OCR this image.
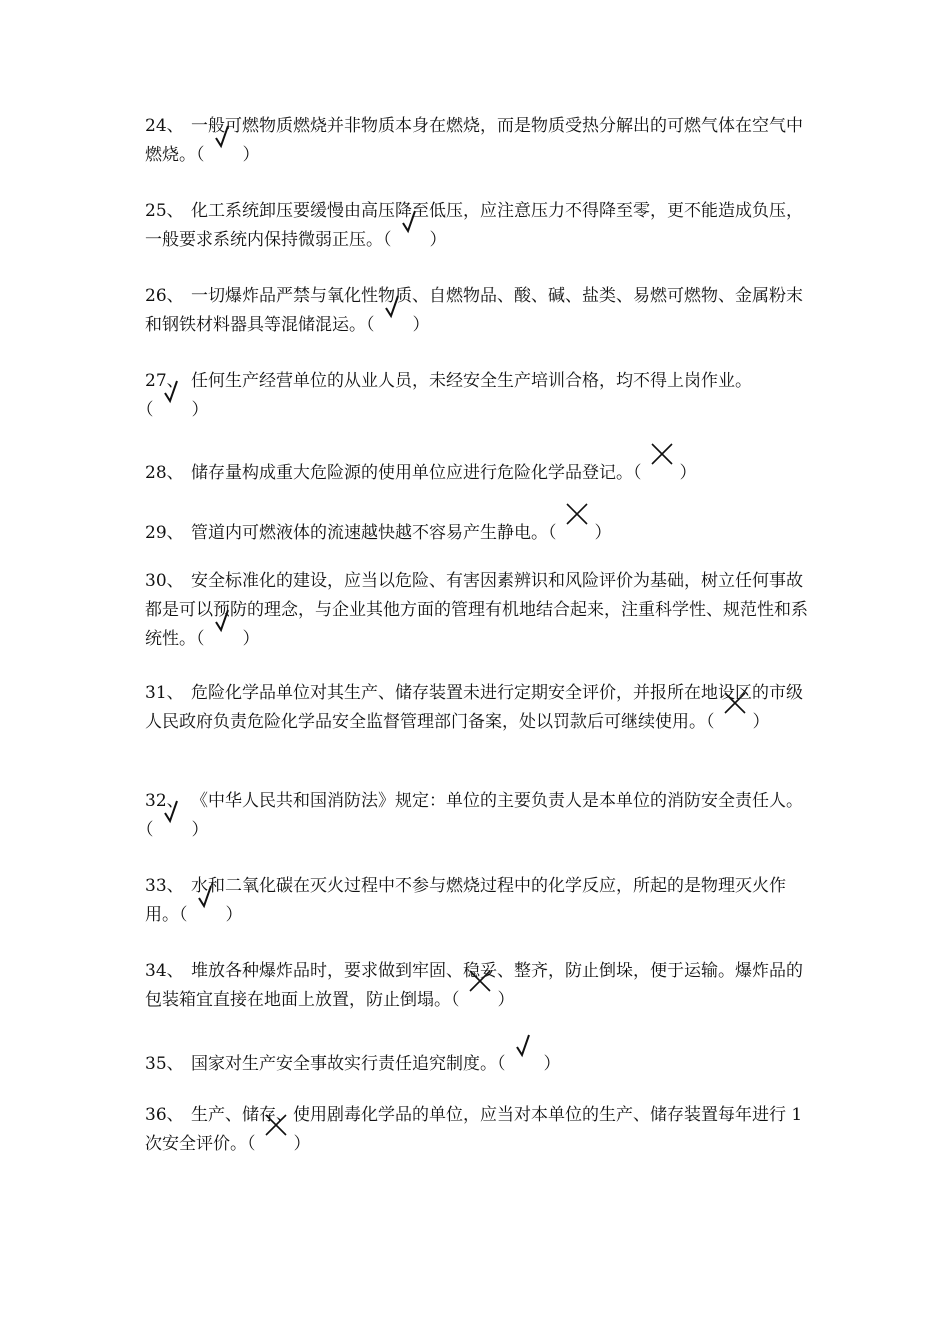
24、 一般可燃物质燃烧并非物质本身在燃烧，而是物质受热分解出的可燃气体在空气中燃烧。（ ）
25、 化工系统卸压要缓慢由高压降至低压，应注意压力不得降至零，更不能造成负压，一般要求系统内保持微弱正压。（ ）
26、 一切爆炸品严禁与氧化性物质、自燃物品、酸、碱、盐类、易燃可燃物、金属粉末和钢铁材料器具等混储混运。（ ）
27、 任何生产经营单位的从业人员，未经安全生产培训合格，均不得上岗作业。（ ）
28、 储存量构成重大危险源的使用单位应进行危险化学品登记。（ ）
29、 管道内可燃液体的流速越快越不容易产生静电。（ ）
30、 安全标准化的建设，应当以危险、有害因素辨识和风险评价为基础，树立任何事故都是可以预防的理念，与企业其他方面的管理有机地结合起来，注重科学性、规范性和系统性。（ ）
31、 危险化学品单位对其生产、储存装置未进行定期安全评价，并报所在地设区的市级人民政府负责危险化学品安全监督管理部门备案，处以罚款后可继续使用。（ ）
32、 《中华人民共和国消防法》规定：单位的主要负责人是本单位的消防安全责任人。（ ）
33、 水和二氧化碳在灭火过程中不参与燃烧过程中的化学反应，所起的是物理灭火作用。（ ）
34、 堆放各种爆炸品时，要求做到牢固、稳妥、整齐，防止倒垛，便于运输。爆炸品的包装箱宜直接在地面上放置，防止倒塌。（ ）
35、 国家对生产安全事故实行责任追究制度。（ ）
36、 生产、储存、使用剧毒化学品的单位，应当对本单位的生产、储存装置每年进行 1 次安全评价。（ ）
